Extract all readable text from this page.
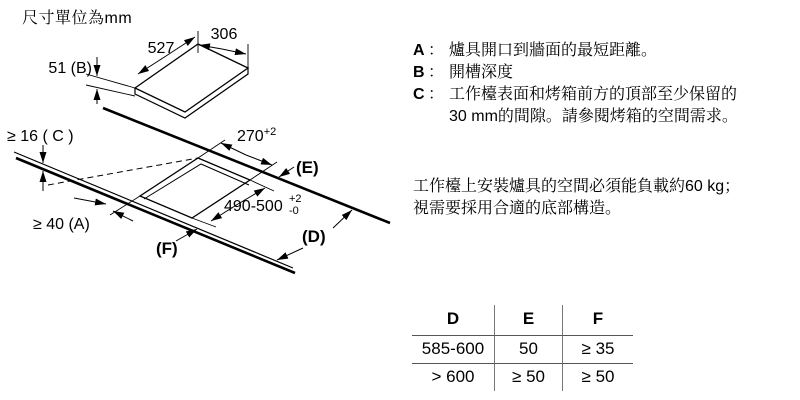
尺寸單位為mm
527
306
51 (B)
≥ 16 ( C )
≥ 40 (A)
$270^{+2}$
490-500 +2 -0
(E)
(D)
(F)
A ： 爐具開口到牆面的最短距離。
B ： 開槽深度
C ： 工作檯表面和烤箱前方的頂部至少保留的 30 mm的間隙。請參閱烤箱的空間需求。
工作檯上安裝爐具的空間必須能負載約60 kg；
視需要採用合適的底部構造。
D	E	F
585-600	50	≥ 35
> 600	≥ 50	≥ 50
